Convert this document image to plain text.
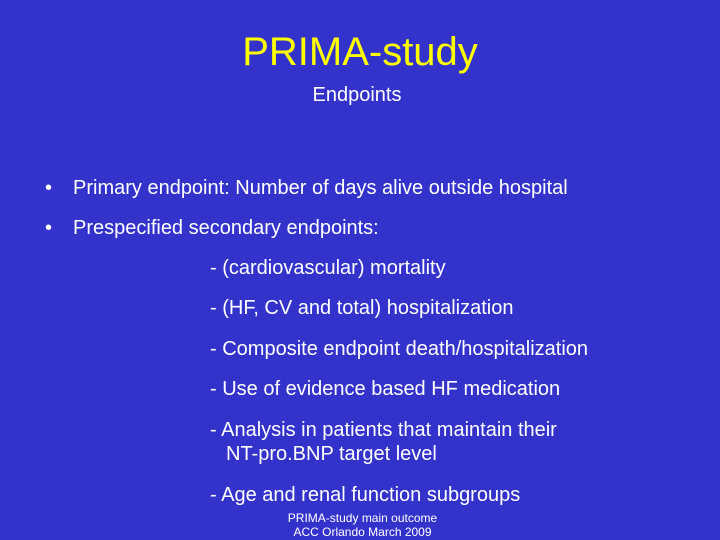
PRIMA-study
Endpoints
• Primary endpoint: Number of days alive outside hospital
• Prespecified secondary endpoints:
- (cardiovascular) mortality
- (HF, CV and total) hospitalization
- Composite endpoint death/hospitalization
- Use of evidence based HF medication
- Analysis in patients that maintain their
NT-pro.BNP target level
- Age and renal function subgroups
PRIMA-study main outcome
ACC Orlando March 2009
